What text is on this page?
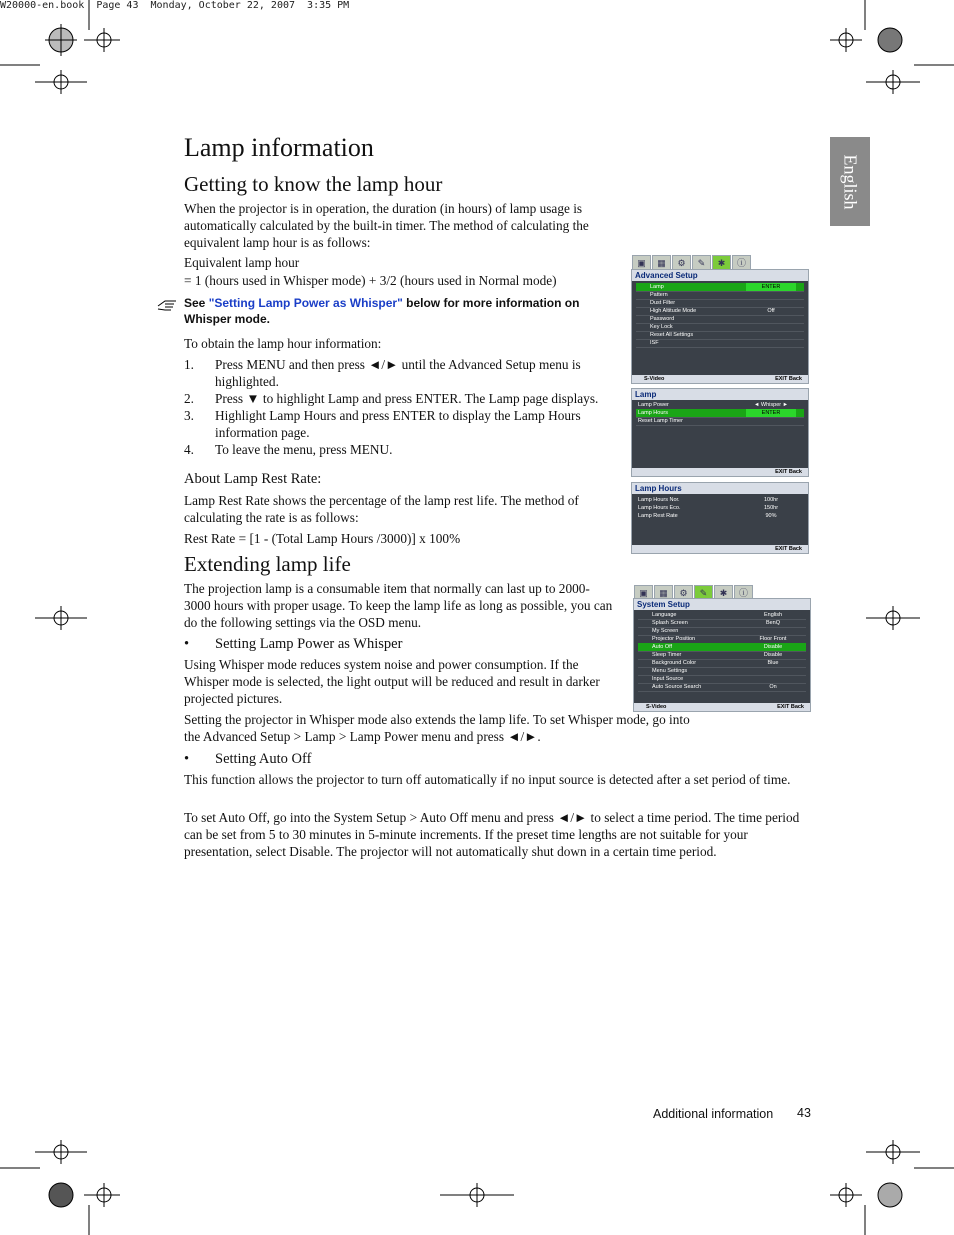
W20000-en.book  Page 43  Monday, October 22, 2007  3:35 PM
English
Lamp information
Getting to know the lamp hour

When the projector is in operation, the duration (in hours) of lamp usage is automatically calculated by the built-in timer. The method of calculating the equivalent lamp hour is as follows:

Equivalent lamp hour

= 1 (hours used in Whisper mode) + 3/2 (hours used in Normal mode)

See "Setting Lamp Power as Whisper" below for more information on Whisper mode.

To obtain the lamp hour information:

1. Press MENU and then press ◄/► until the Advanced Setup menu is highlighted.
2. Press ▼ to highlight Lamp and press ENTER. The Lamp page displays.
3. Highlight Lamp Hours and press ENTER to display the Lamp Hours information page.
4. To leave the menu, press MENU.
About Lamp Rest Rate:

Lamp Rest Rate shows the percentage of the lamp rest life. The method of calculating the rate is as follows:

Rest Rate = [1 - (Total Lamp Hours /3000)] x 100%

Extending lamp life

The projection lamp is a consumable item that normally can last up to 2000-3000 hours with proper usage. To keep the lamp life as long as possible, you can do the following settings via the OSD menu.

• Setting Lamp Power as Whisper

Using Whisper mode reduces system noise and power consumption. If the Whisper mode is selected, the light output will be reduced and result in darker projected pictures.

Setting the projector in Whisper mode also extends the lamp life. To set Whisper mode, go into the Advanced Setup > Lamp > Lamp Power menu and press ◄/►.

• Setting Auto Off

This function allows the projector to turn off automatically if no input source is detected after a set period of time.

To set Auto Off, go into the System Setup > Auto Off menu and press ◄/► to select a time period. The time period can be set from 5 to 30 minutes in 5-minute increments. If the preset time lengths are not suitable for your presentation, select Disable. The projector will not automatically shut down in a certain time period.

▣	▦	⚙	✎	✱	ⓘ
Advanced Setup
Lamp	ENTER
Pattern
Dust Filter
High Altitude Mode	Off
Password
Key Lock
Reset All Settings
ISF
S-Video	EXIT Back
Lamp
Lamp Power	◄ Whisper ►
Lamp Hours	ENTER
Reset Lamp Timer
EXIT Back
Lamp Hours
Lamp Hours Nor.	100hr
Lamp Hours Eco.	150hr
Lamp Rest Rate	90%
EXIT Back
▣	▦	⚙	✎	✱	ⓘ
System Setup
Language	English
Splash Screen	BenQ
My Screen
Projector Position	Floor Front
Auto Off	Disable
Sleep Timer	Disable
Background Color	Blue
Menu Settings
Input Source
Auto Source Search	On
S-Video	EXIT Back
Additional information 43
